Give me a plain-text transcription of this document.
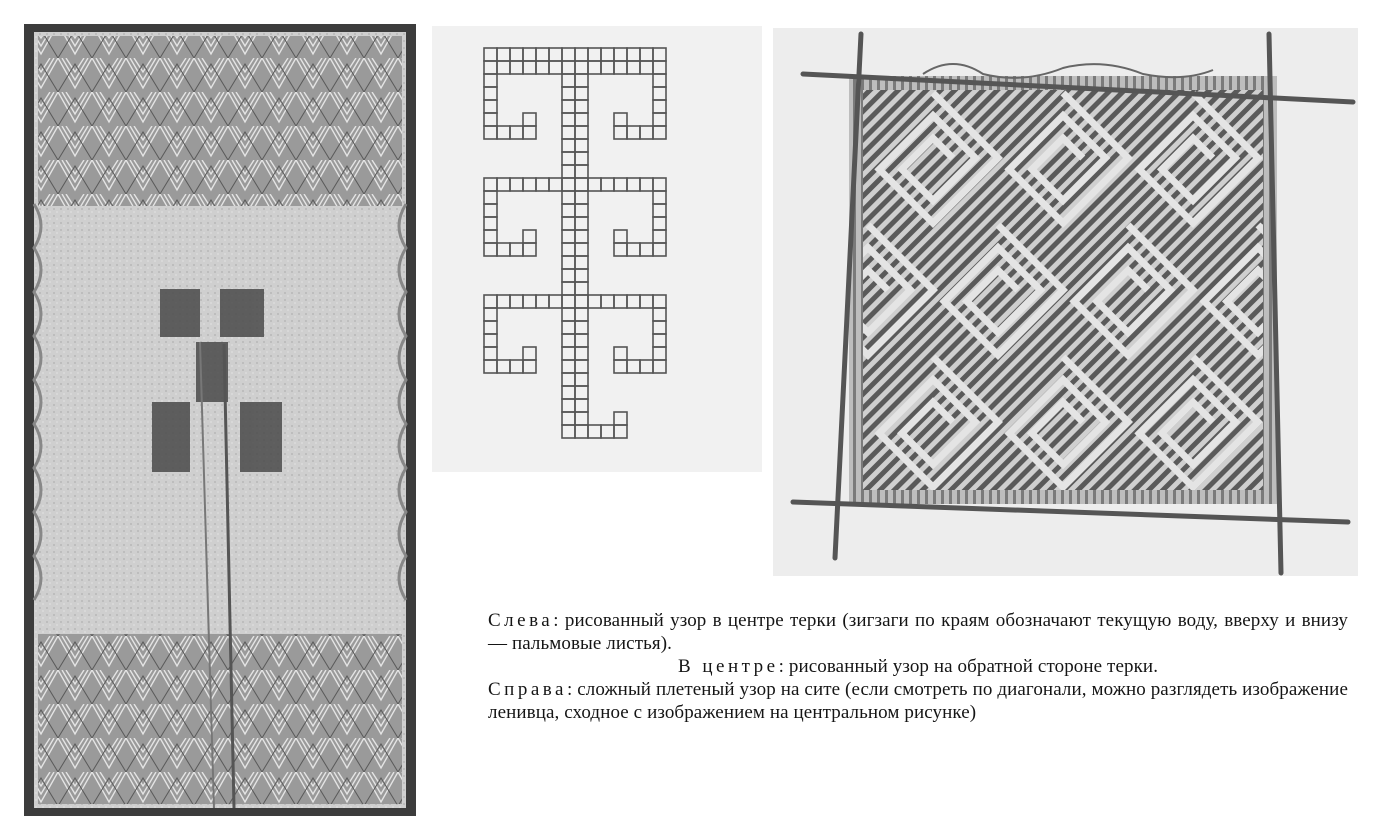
Слева: рисованный узор в центре терки (зигзаги по краям обозначают текущую воду, вверху и внизу — пальмовые листья).

В центре: рисованный узор на обратной стороне терки.

Справа: сложный плетеный узор на сите (если смотреть по диагонали, можно разглядеть изображение ленивца, сходное с изображением на центральном рисунке)
